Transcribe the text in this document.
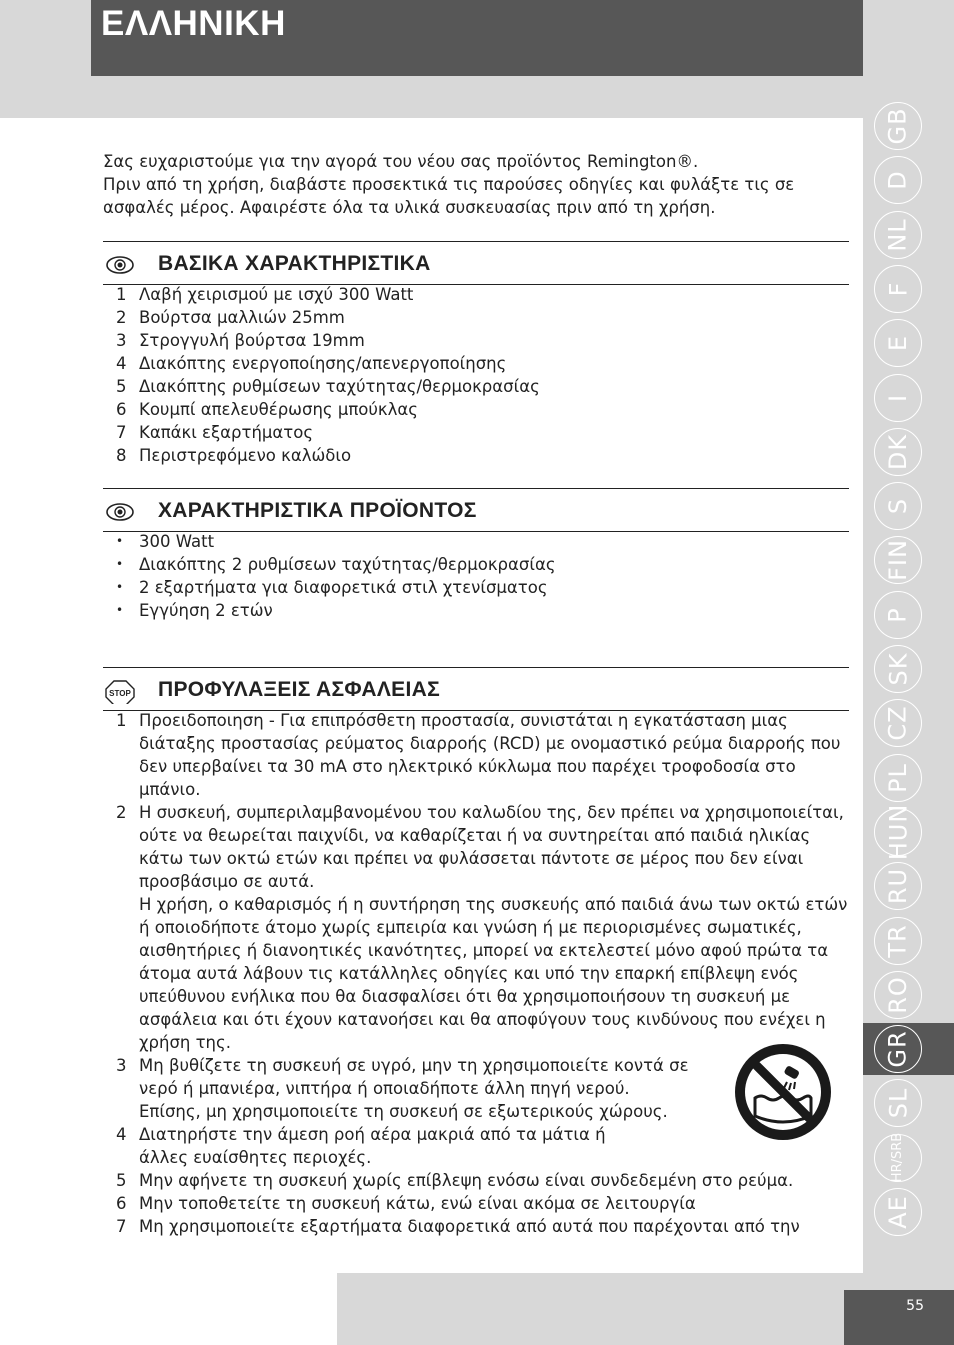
ΕΛΛΗΝΙΚΗ
GB
D
NL
F
E
I
DK
S
FIN
P
SK
CZ
PL
HUN
RU
TR
RO
GR
SL
HR/SRB
AE
55

Σας ευχαριστούμε για την αγορά του νέου σας προϊόντος Remington®.

Πριν από τη χρήση, διαβάστε προσεκτικά τις παρούσες οδηγίες και φυλάξτε τις σε ασφαλές μέρος. Αφαιρέστε όλα τα υλικά συσκευασίας πριν από τη χρήση.

ΒΑΣΙΚΑ ΧΑΡΑΚΤΗΡΙΣΤΙΚΑ
1 Λαβή χειρισμού με ισχύ 300 Watt
2 Βούρτσα μαλλιών 25mm
3 Στρογγυλή βούρτσα 19mm
4 Διακόπτης ενεργοποίησης/απενεργοποίησης
5 Διακόπτης ρυθμίσεων ταχύτητας/θερμοκρασίας
6 Κουμπί απελευθέρωσης μπούκλας
7 Καπάκι εξαρτήματος
8 Περιστρεφόμενο καλώδιο
ΧΑΡΑΚΤΗΡΙΣΤΙΚΑ ΠΡΟΪΟΝΤΟΣ
• 300 Watt
• Διακόπτης 2 ρυθμίσεων ταχύτητας/θερμοκρασίας
• 2 εξαρτήματα για διαφορετικά στιλ χτενίσματος
• Εγγύηση 2 ετών
STOP ΠΡΟΦΥΛΑΞΕΙΣ ΑΣΦΑΛΕΙΑΣ
1 Προειδοποιηση - Για επιπρόσθετη προστασία, συνιστάται η εγκατάσταση μιας διάταξης προστασίας ρεύματος διαρροής (RCD) με ονομαστικό ρεύμα διαρροής που δεν υπερβαίνει τα 30 mA στο ηλεκτρικό κύκλωμα που παρέχει τροφοδοσία στο μπάνιο.
2 Η συσκευή, συμπεριλαμβανομένου του καλωδίου της, δεν πρέπει να χρησιμοποιείται, ούτε να θεωρείται παιχνίδι, να καθαρίζεται ή να συντηρείται από παιδιά ηλικίας κάτω των οκτώ ετών και πρέπει να φυλάσσεται πάντοτε σε μέρος που δεν είναι προσβάσιμο σε αυτά.
Η χρήση, ο καθαρισμός ή η συντήρηση της συσκευής από παιδιά άνω των οκτώ ετών ή οποιοδήποτε άτομο χωρίς εμπειρία και γνώση ή με περιορισμένες σωματικές, αισθητήριες ή διανοητικές ικανότητες, μπορεί να εκτελεστεί μόνο αφού πρώτα τα άτομα αυτά λάβουν τις κατάλληλες οδηγίες και υπό την επαρκή επίβλεψη ενός υπεύθυνου ενήλικα που θα διασφαλίσει ότι θα χρησιμοποιήσουν τη συσκευή με ασφάλεια και ότι έχουν κατανοήσει και θα αποφύγουν τους κινδύνους που ενέχει η χρήση της.
3 Μη βυθίζετε τη συσκευή σε υγρό, μην τη χρησιμοποιείτε κοντά σε νερό ή μπανιέρα, νιπτήρα ή οποιαδήποτε άλλη πηγή νερού. Επίσης, μη χρησιμοποιείτε τη συσκευή σε εξωτερικούς χώρους.
4 Διατηρήστε την άμεση ροή αέρα μακριά από τα μάτια ή άλλες ευαίσθητες περιοχές.
5 Μην αφήνετε τη συσκευή χωρίς επίβλεψη ενόσω είναι συνδεδεμένη στο ρεύμα.
6 Μην τοποθετείτε τη συσκευή κάτω, ενώ είναι ακόμα σε λειτουργία
7 Μη χρησιμοποιείτε εξαρτήματα διαφορετικά από αυτά που παρέχονται από την
